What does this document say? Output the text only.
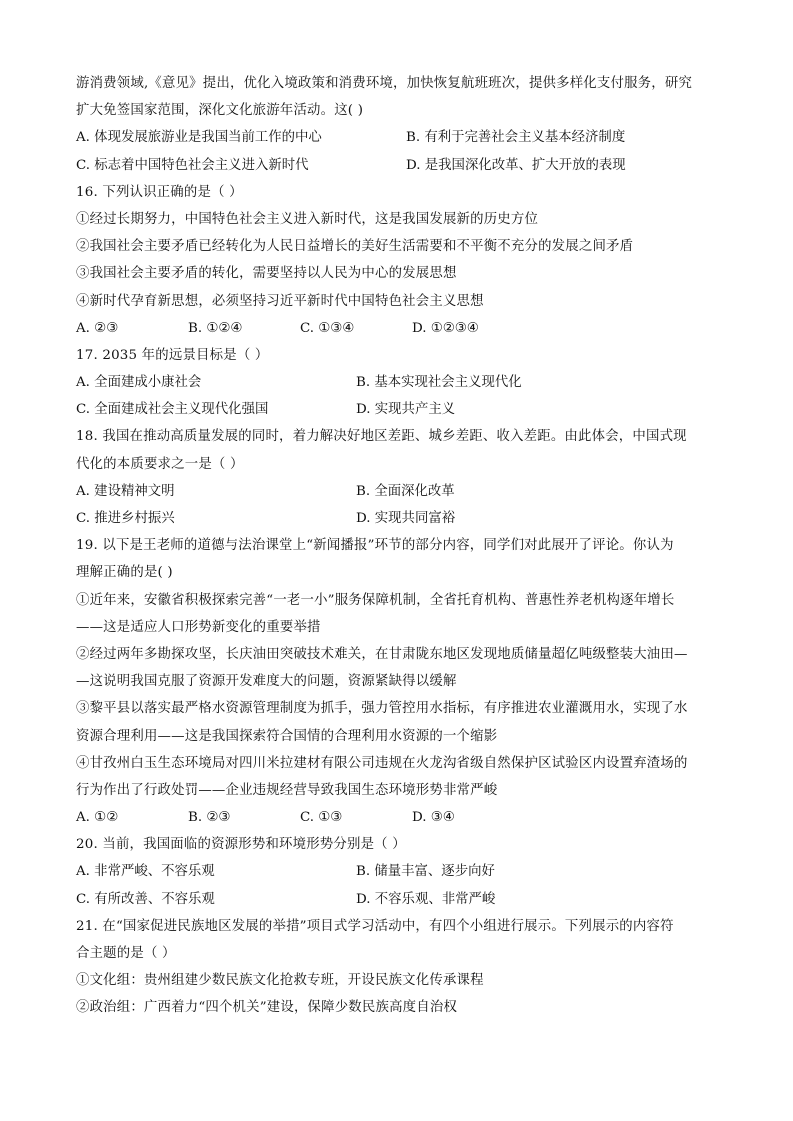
游消费领域,《意见》提出，优化入境政策和消费环境，加快恢复航班班次，提供多样化支付服务，研究
扩大免签国家范围，深化文化旅游年活动。这( )
A. 体现发展旅游业是我国当前工作的中心	B. 有利于完善社会主义基本经济制度
C. 标志着中国特色社会主义进入新时代	D. 是我国深化改革、扩大开放的表现
16. 下列认识正确的是（ ）
①经过长期努力，中国特色社会主义进入新时代，这是我国发展新的历史方位
②我国社会主要矛盾已经转化为人民日益增长的美好生活需要和不平衡不充分的发展之间矛盾
③我国社会主要矛盾的转化，需要坚持以人民为中心的发展思想
④新时代孕育新思想，必须坚持习近平新时代中国特色社会主义思想
A. ②③	B. ①②④	C. ①③④	D. ①②③④
17. 2035 年的远景目标是（ ）
A. 全面建成小康社会	B. 基本实现社会主义现代化
C. 全面建成社会主义现代化强国	D. 实现共产主义
18. 我国在推动高质量发展的同时，着力解决好地区差距、城乡差距、收入差距。由此体会，中国式现
代化的本质要求之一是（ ）
A. 建设精神文明	B. 全面深化改革
C. 推进乡村振兴	D. 实现共同富裕
19. 以下是王老师的道德与法治课堂上“新闻播报”环节的部分内容，同学们对此展开了评论。你认为
理解正确的是( )
①近年来，安徽省积极探索完善“一老一小”服务保障机制，全省托育机构、普惠性养老机构逐年增长
——这是适应人口形势新变化的重要举措
②经过两年多勘探攻坚，长庆油田突破技术难关，在甘肃陇东地区发现地质储量超亿吨级整装大油田—
—这说明我国克服了资源开发难度大的问题，资源紧缺得以缓解
③黎平县以落实最严格水资源管理制度为抓手，强力管控用水指标，有序推进农业灌溉用水，实现了水
资源合理利用——这是我国探索符合国情的合理利用水资源的一个缩影
④甘孜州白玉生态环境局对四川米拉建材有限公司违规在火龙沟省级自然保护区试验区内设置弃渣场的
行为作出了行政处罚——企业违规经营导致我国生态环境形势非常严峻
A. ①②	B. ②③	C. ①③	D. ③④
20. 当前，我国面临的资源形势和环境形势分别是（ ）
A. 非常严峻、不容乐观	B. 储量丰富、逐步向好
C. 有所改善、不容乐观	D. 不容乐观、非常严峻
21. 在“国家促进民族地区发展的举措”项目式学习活动中，有四个小组进行展示。下列展示的内容符
合主题的是（ ）
①文化组：贵州组建少数民族文化抢救专班，开设民族文化传承课程
②政治组：广西着力“四个机关”建设，保障少数民族高度自治权
